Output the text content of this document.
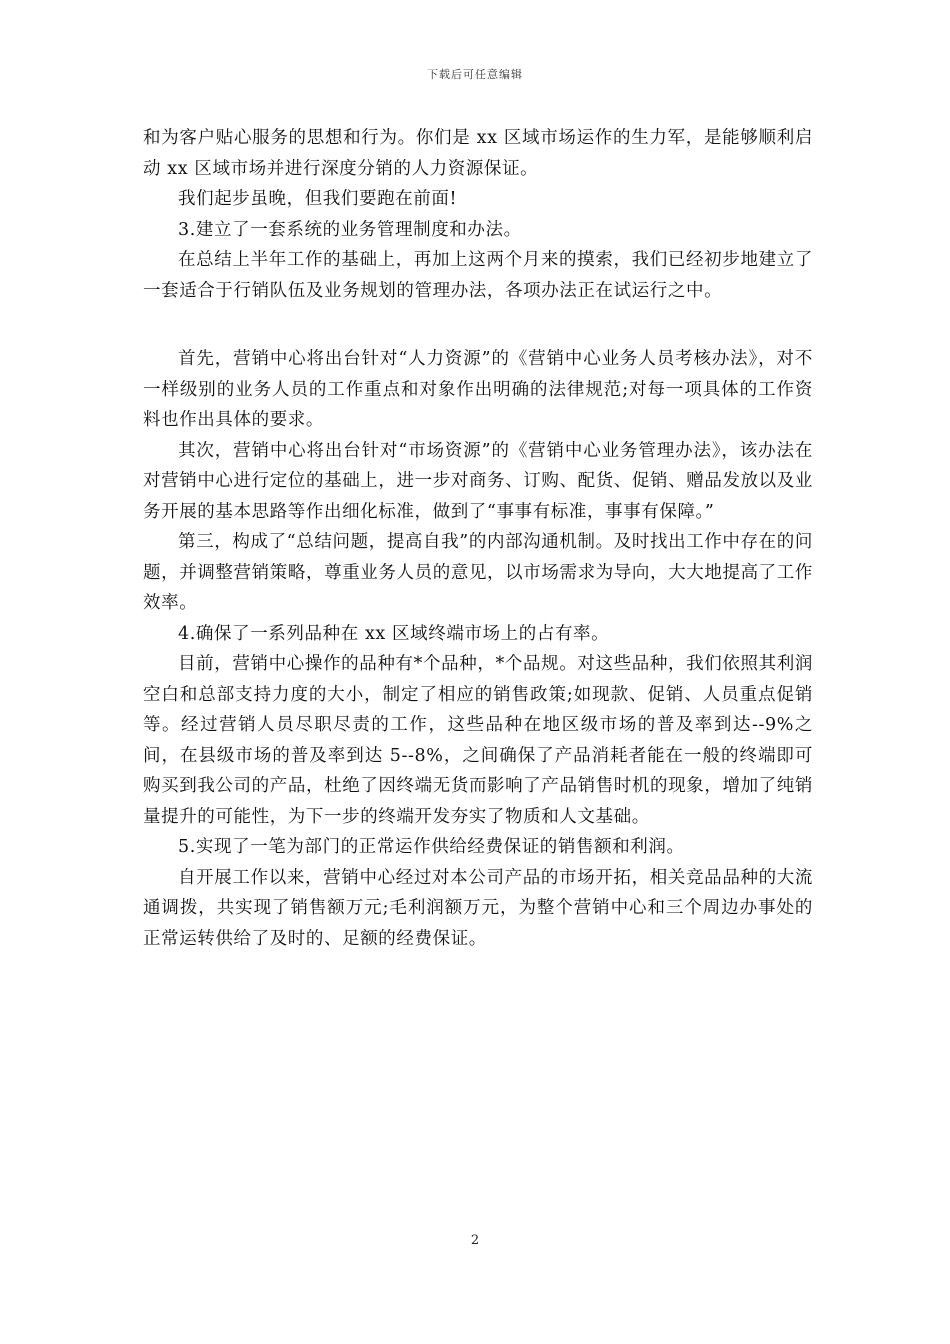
下载后可任意编辑

和为客户贴心服务的思想和行为。你们是 xx 区域市场运作的生力军，是能够顺利启动 xx 区域市场并进行深度分销的人力资源保证。

我们起步虽晚，但我们要跑在前面!

3.建立了一套系统的业务管理制度和办法。

在总结上半年工作的基础上，再加上这两个月来的摸索，我们已经初步地建立了一套适合于行销队伍及业务规划的管理办法，各项办法正在试运行之中。

首先，营销中心将出台针对“人力资源”的《营销中心业务人员考核办法》，对不一样级别的业务人员的工作重点和对象作出明确的法律规范;对每一项具体的工作资料也作出具体的要求。

其次，营销中心将出台针对“市场资源”的《营销中心业务管理办法》，该办法在对营销中心进行定位的基础上，进一步对商务、订购、配货、促销、赠品发放以及业务开展的基本思路等作出细化标准，做到了“事事有标准，事事有保障。”

第三，构成了“总结问题，提高自我”的内部沟通机制。及时找出工作中存在的问题，并调整营销策略，尊重业务人员的意见，以市场需求为导向，大大地提高了工作效率。

4.确保了一系列品种在 xx 区域终端市场上的占有率。

目前，营销中心操作的品种有*个品种，*个品规。对这些品种，我们依照其利润空白和总部支持力度的大小，制定了相应的销售政策;如现款、促销、人员重点促销等。经过营销人员尽职尽责的工作，这些品种在地区级市场的普及率到达--9%之间，在县级市场的普及率到达 5--8%，之间确保了产品消耗者能在一般的终端即可购买到我公司的产品，杜绝了因终端无货而影响了产品销售时机的现象，增加了纯销量提升的可能性，为下一步的终端开发夯实了物质和人文基础。

5.实现了一笔为部门的正常运作供给经费保证的销售额和利润。

自开展工作以来，营销中心经过对本公司产品的市场开拓，相关竞品品种的大流通调拨，共实现了销售额万元;毛利润额万元，为整个营销中心和三个周边办事处的正常运转供给了及时的、足额的经费保证。

2
